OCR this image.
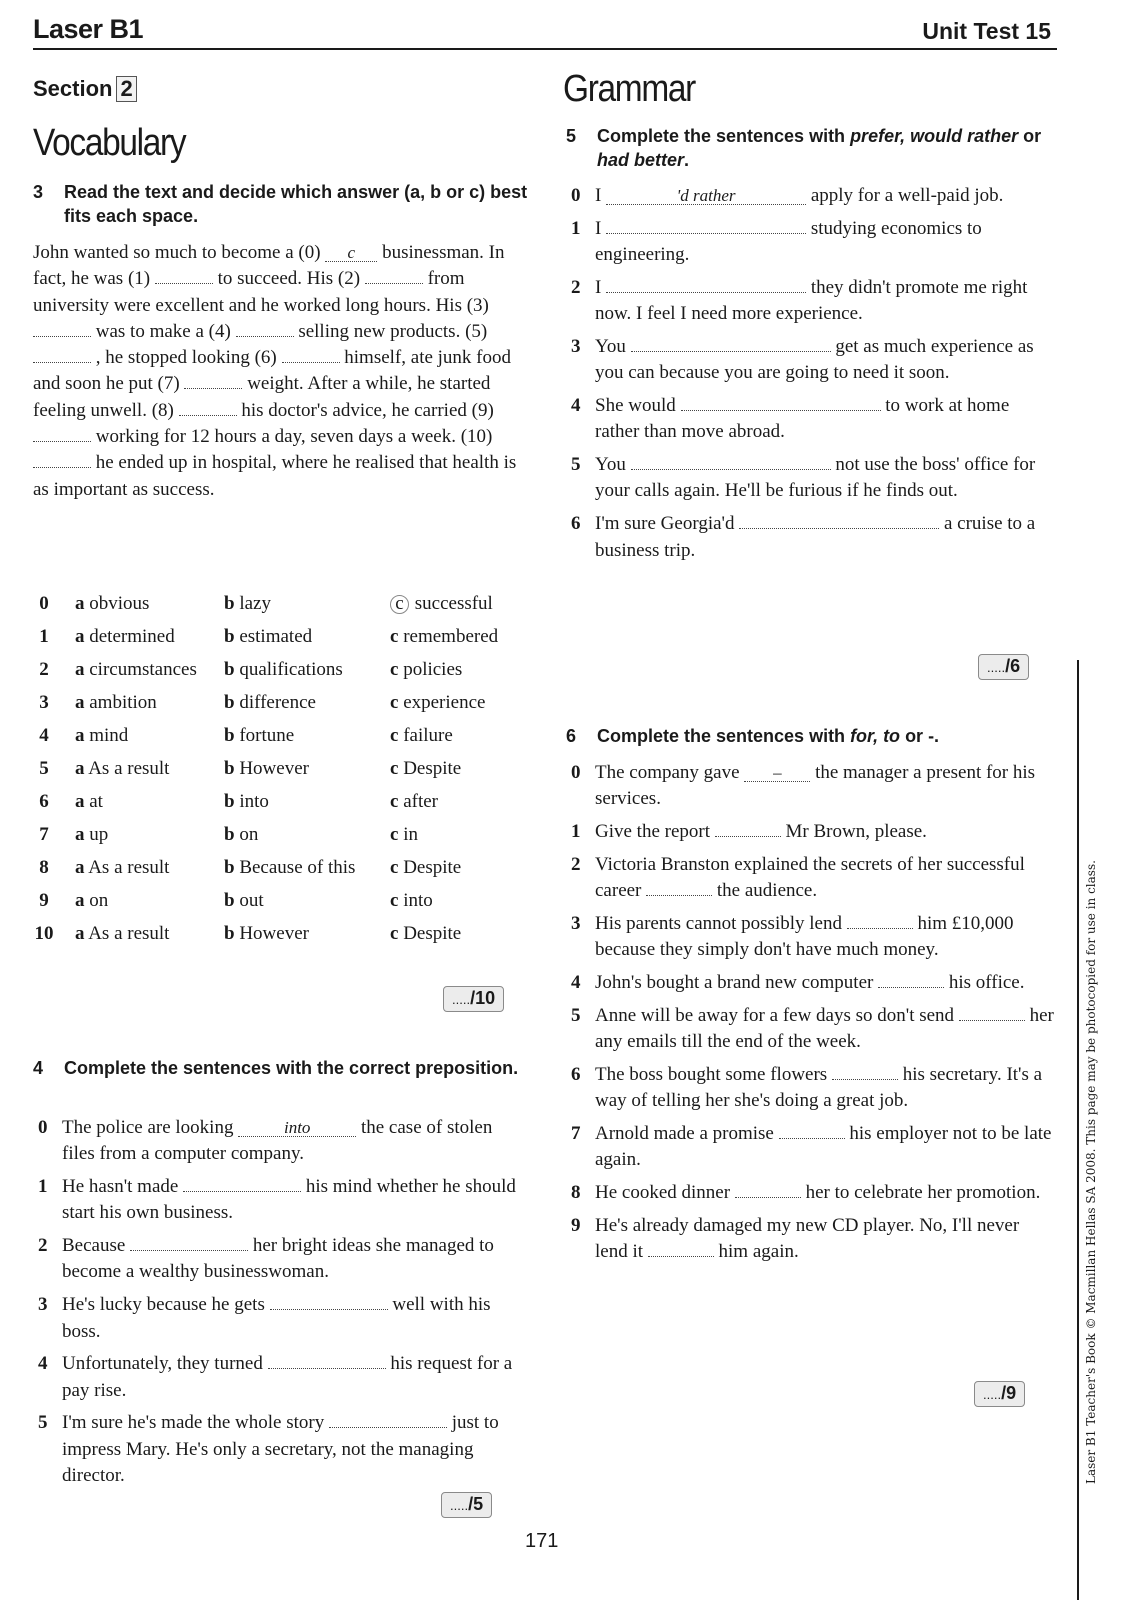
Laser B1	Unit Test 15
Section 2
Vocabulary
3 Read the text and decide which answer (a, b or c) best fits each space.
John wanted so much to become a (0) c businessman. In fact, he was (1)	to succeed. His (2)	from university were excellent and he worked long hours. His (3)  was to make a (4)	selling new products. (5)  , he stopped looking (6)	himself, ate junk food and soon he put (7)	weight. After a while, he started feeling unwell. (8)	his doctor's advice, he carried (9)  working for 12 hours a day, seven days a week. (10)  he ended up in hospital, where he realised that health is as important as success.
0	a obvious	b lazy	c successful
1	a determined	b estimated	c remembered
2	a circumstances b qualifications c policies
3	a ambition	b difference	c experience
4	a mind	b fortune	c failure
5	a As a result	b However	c Despite
6	a at	b into	c after
7	a up	b on	c in
8	a As a result	b Because of this c Despite
9	a on	b out	c into
10 a As a result	b However	c Despite
...../10
4 Complete the sentences with the correct preposition.
0 The police are looking	into	the case of stolen files from a computer company.
1 He hasn't made	his mind whether he should start his own business.
2 Because	her bright ideas she managed to become a wealthy businesswoman.
3 He's lucky because he gets	well with his boss.
4 Unfortunately, they turned	his request for a pay rise.
5 I'm sure he's made the whole story	just to impress Mary. He's only a secretary, not the managing director.
...../5
Grammar
5 Complete the sentences with prefer, would rather or had better.
0 I	'd rather	apply for a well-paid job.
1 I	studying economics to engineering.
2 I	they didn't promote me right now. I feel I need more experience.
3 You	get as much experience as you can because you are going to need it soon.
4 She would	to work at home rather than move abroad.
5 You	not use the boss' office for your calls again. He'll be furious if he finds out.
6 I'm sure Georgia'd	a cruise to a business trip.
...../6
6 Complete the sentences with for, to or -.
0 The company gave – the manager a present for his services.
1 Give the report	Mr Brown, please.
2 Victoria Branston explained the secrets of her successful career	the audience.
3 His parents cannot possibly lend	him £10,000 because they simply don't have much money.
4 John's bought a brand new computer	his office.
5 Anne will be away for a few days so don't send	her any emails till the end of the week.
6 The boss bought some flowers	his secretary. It's a way of telling her she's doing a great job.
7 Arnold made a promise	his employer not to be late again.
8 He cooked dinner	her to celebrate her promotion.
9 He's already damaged my new CD player. No, I'll never lend it	him again.
...../9
171
Laser B1 Teacher's Book © Macmillan Hellas SA 2008. This page may be photocopied for use in class.
